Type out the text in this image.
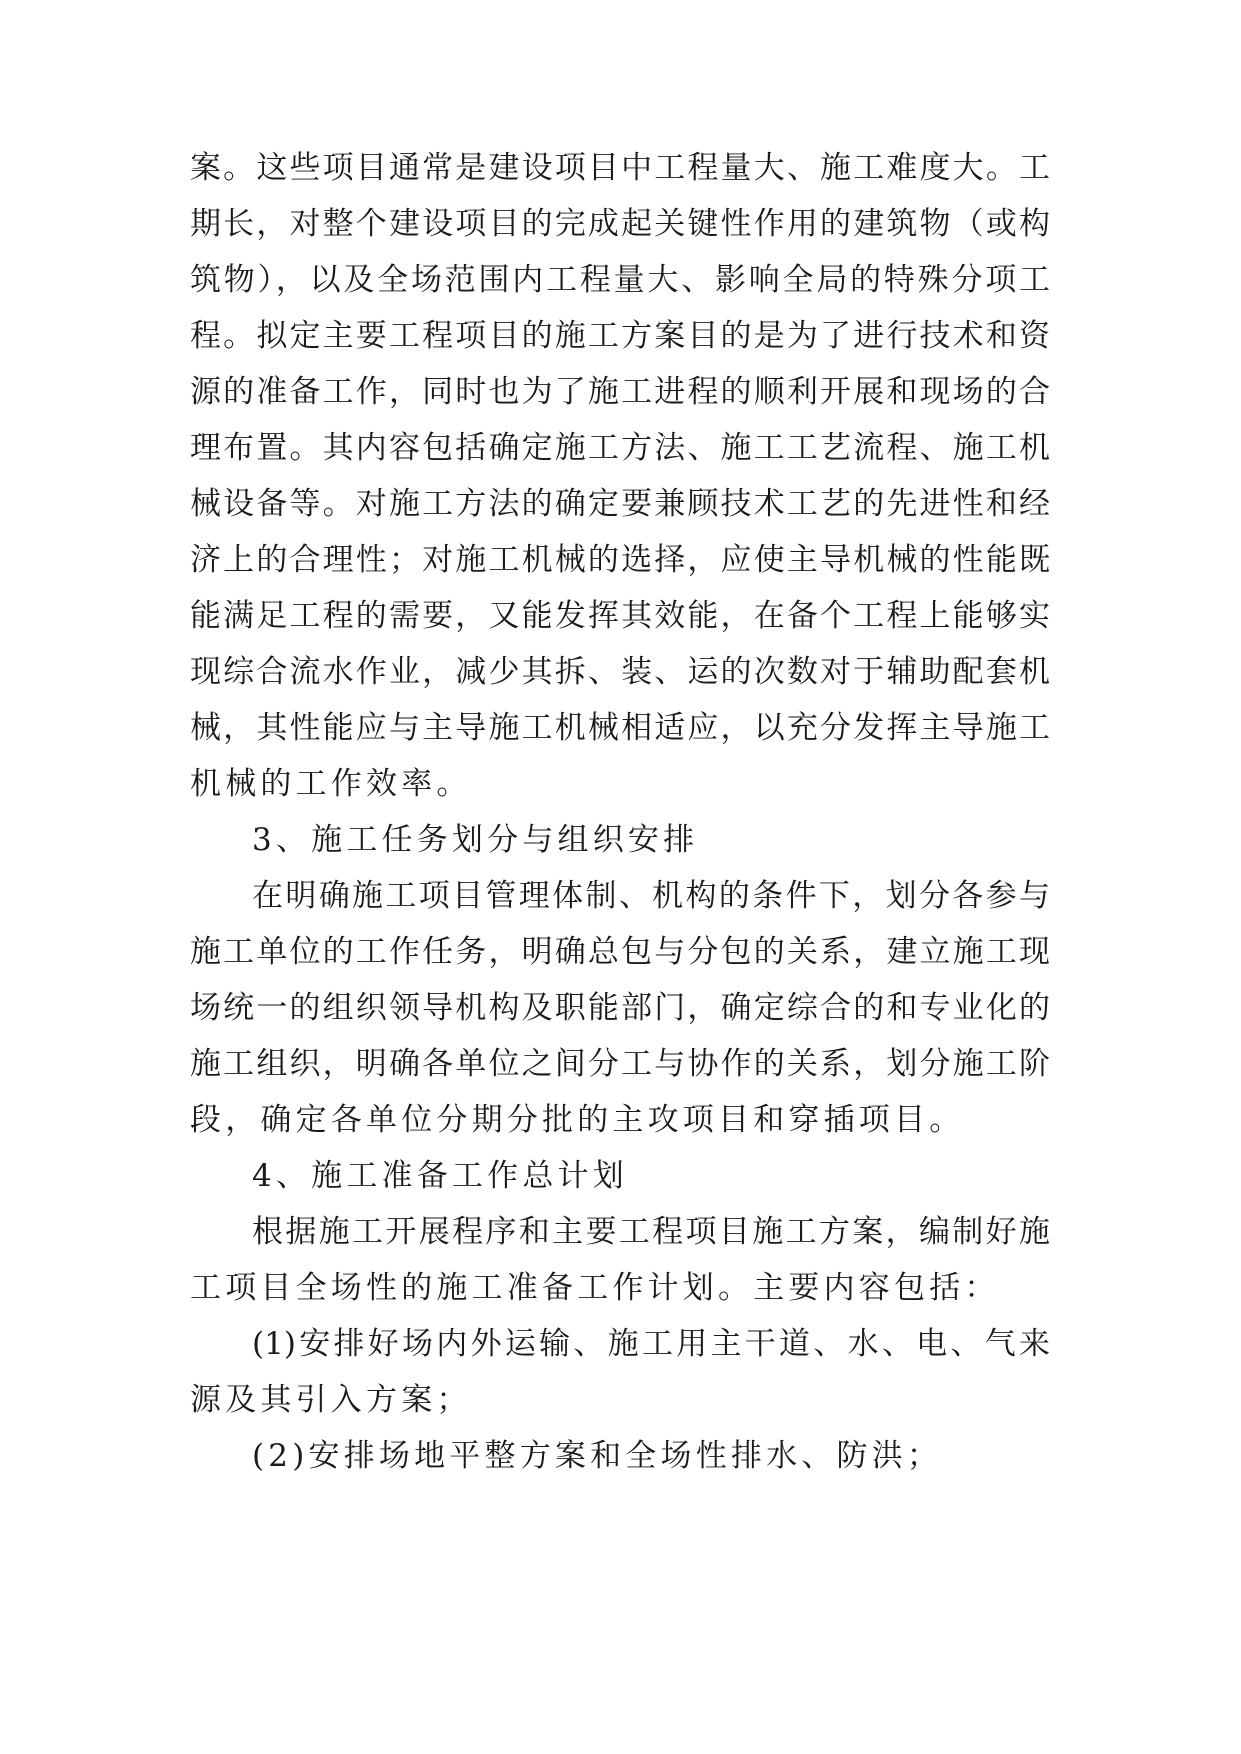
案。这些项目通常是建设项目中工程量大、施工难度大。工
期长，对整个建设项目的完成起关键性作用的建筑物（或构
筑物），以及全场范围内工程量大、影响全局的特殊分项工
程。拟定主要工程项目的施工方案目的是为了进行技术和资
源的准备工作，同时也为了施工进程的顺利开展和现场的合
理布置。其内容包括确定施工方法、施工工艺流程、施工机
械设备等。对施工方法的确定要兼顾技术工艺的先进性和经
济上的合理性；对施工机械的选择，应使主导机械的性能既
能满足工程的需要，又能发挥其效能，在备个工程上能够实
现综合流水作业，减少其拆、装、运的次数对于辅助配套机
械，其性能应与主导施工机械相适应，以充分发挥主导施工
机械的工作效率。
3、施工任务划分与组织安排
在明确施工项目管理体制、机构的条件下，划分各参与
施工单位的工作任务，明确总包与分包的关系，建立施工现
场统一的组织领导机构及职能部门，确定综合的和专业化的
施工组织，明确各单位之间分工与协作的关系，划分施工阶
段，确定各单位分期分批的主攻项目和穿插项目。
4、施工准备工作总计划
根据施工开展程序和主要工程项目施工方案，编制好施
工项目全场性的施工准备工作计划。主要内容包括：
(1)安排好场内外运输、施工用主干道、水、电、气来
源及其引入方案；
(2)安排场地平整方案和全场性排水、防洪；
